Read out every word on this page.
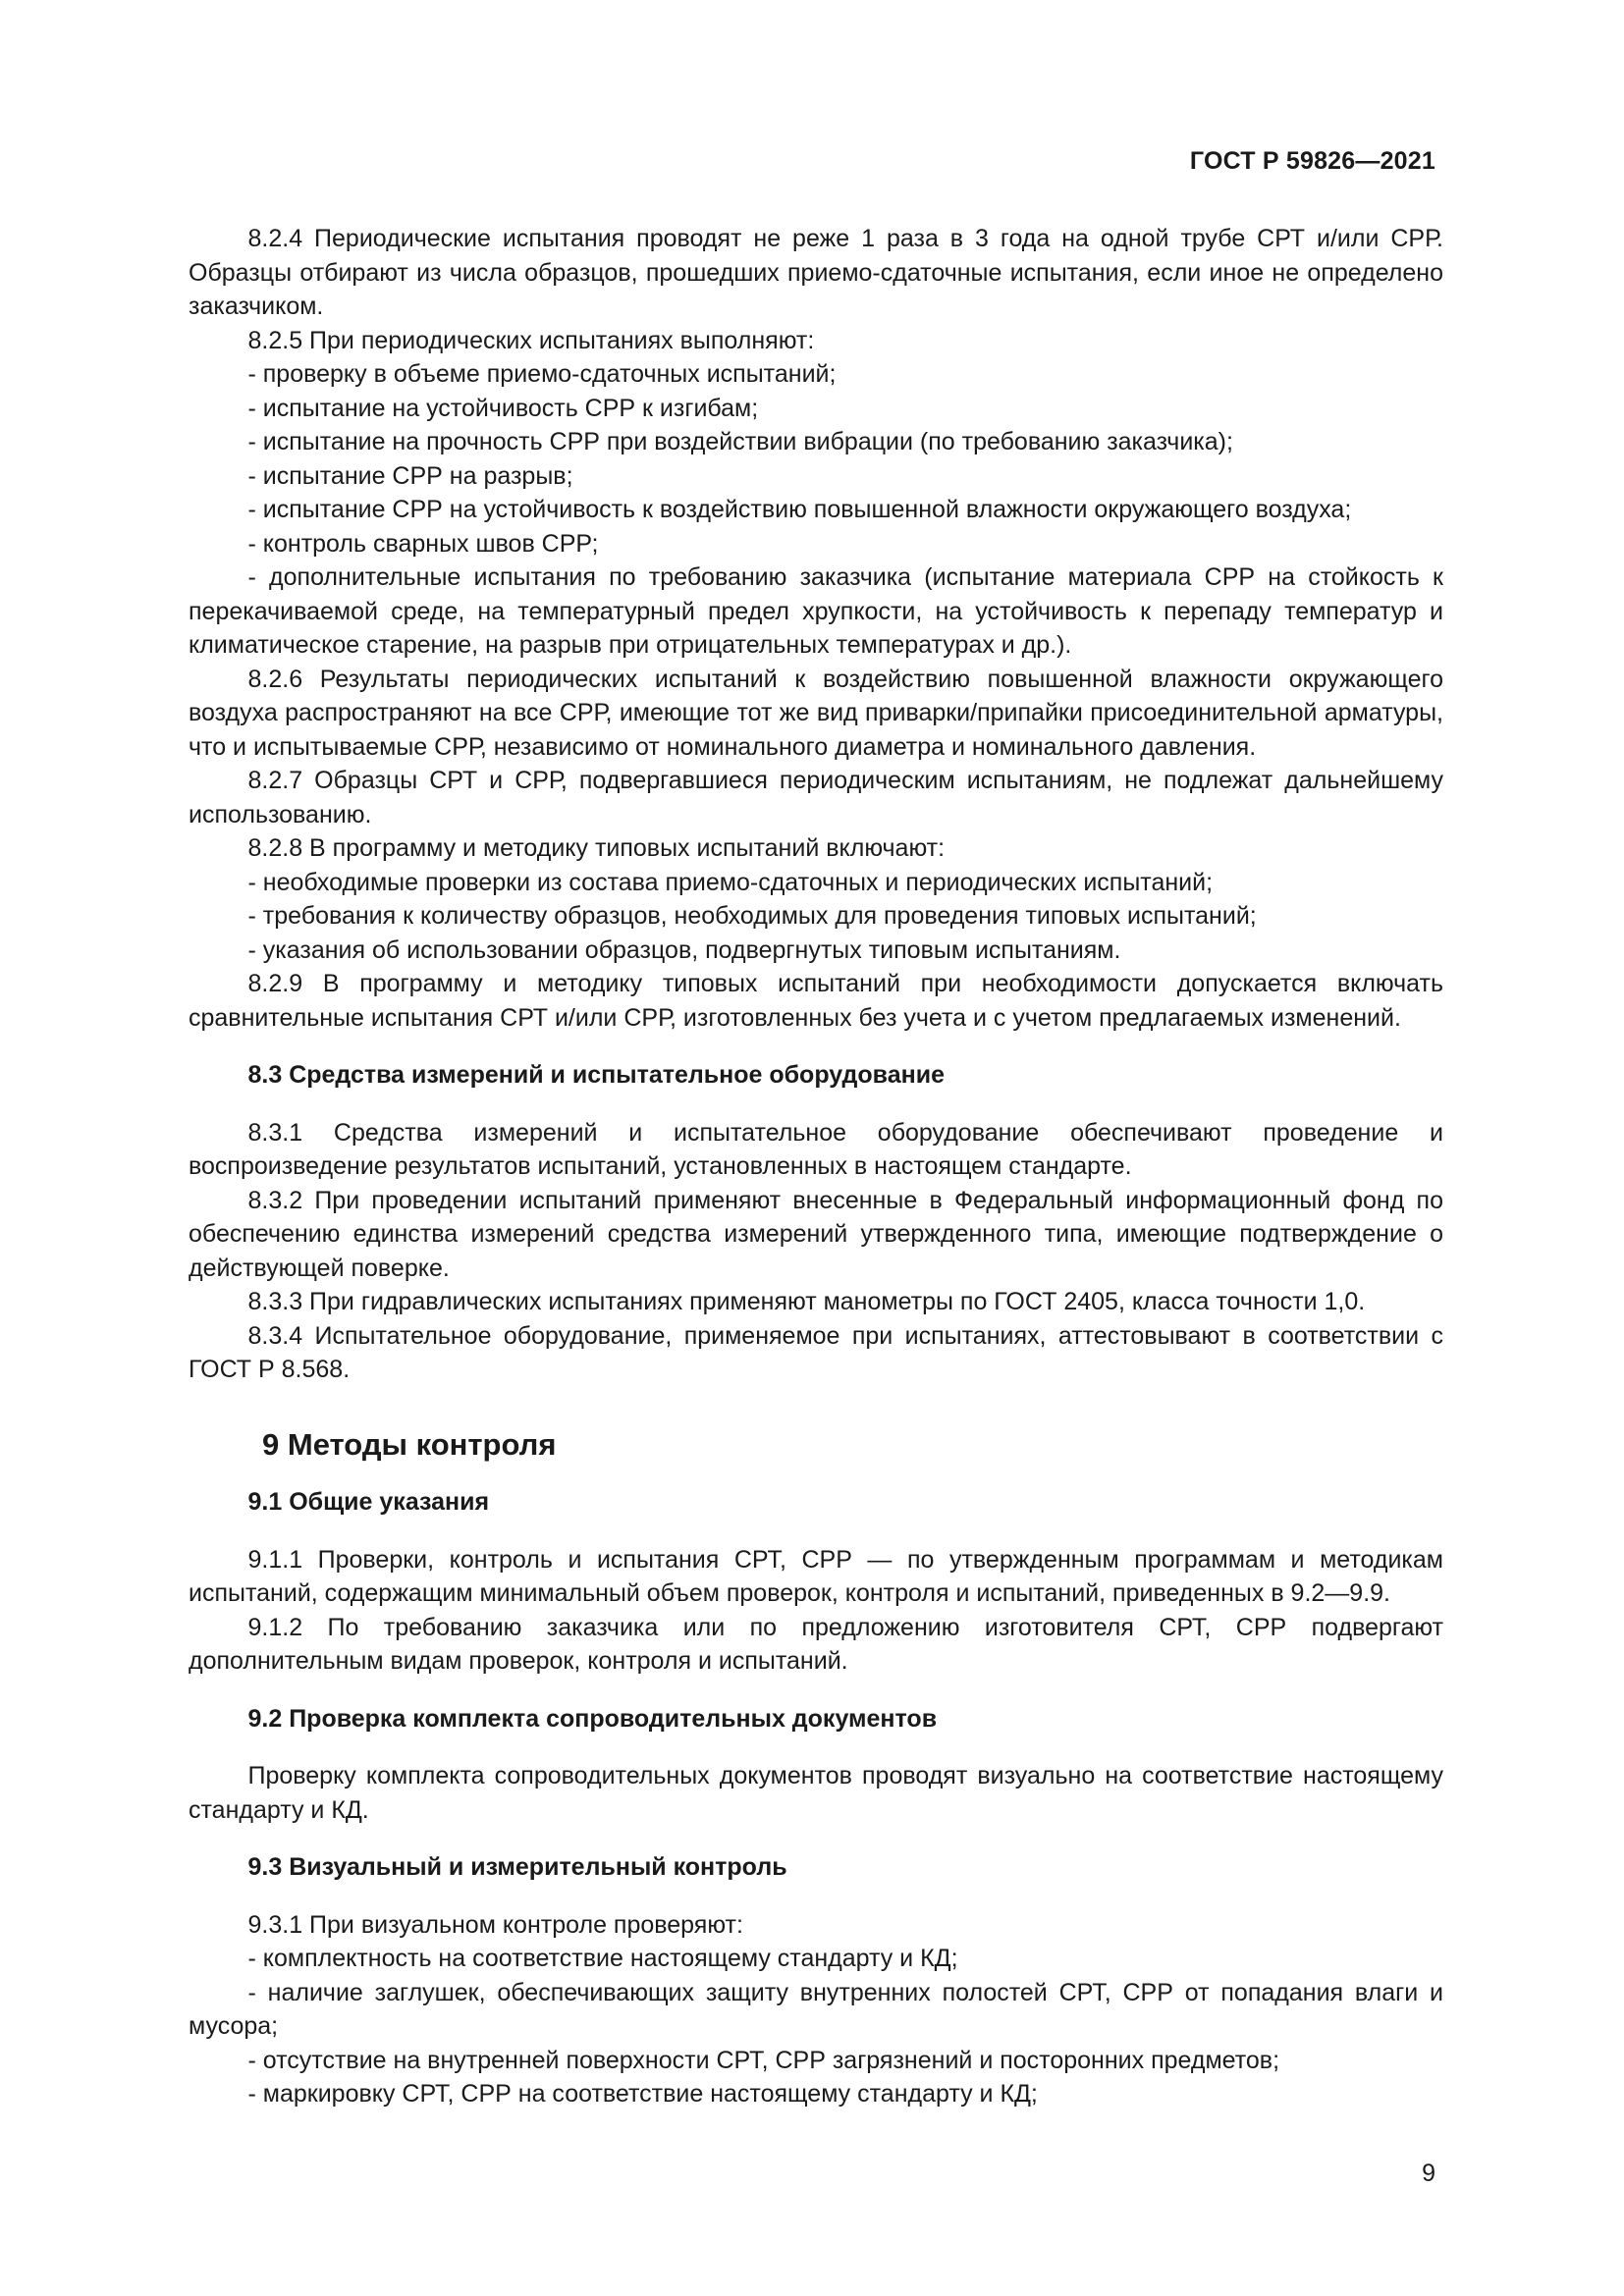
ГОСТ Р 59826—2021

8.2.4 Периодические испытания проводят не реже 1 раза в 3 года на одной трубе СРТ и/или СРР. Образцы отбирают из числа образцов, прошедших приемо-сдаточные испытания, если иное не определено заказчиком.

8.2.5 При периодических испытаниях выполняют:

- проверку в объеме приемо-сдаточных испытаний;

- испытание на устойчивость СРР к изгибам;

- испытание на прочность СРР при воздействии вибрации (по требованию заказчика);

- испытание СРР на разрыв;

- испытание СРР на устойчивость к воздействию повышенной влажности окружающего воздуха;

- контроль сварных швов СРР;

- дополнительные испытания по требованию заказчика (испытание материала СРР на стойкость к перекачиваемой среде, на температурный предел хрупкости, на устойчивость к перепаду температур и климатическое старение, на разрыв при отрицательных температурах и др.).

8.2.6 Результаты периодических испытаний к воздействию повышенной влажности окружающего воздуха распространяют на все СРР, имеющие тот же вид приварки/припайки присоединительной арматуры, что и испытываемые СРР, независимо от номинального диаметра и номинального давления.

8.2.7 Образцы СРТ и СРР, подвергавшиеся периодическим испытаниям, не подлежат дальнейшему использованию.

8.2.8 В программу и методику типовых испытаний включают:

- необходимые проверки из состава приемо-сдаточных и периодических испытаний;

- требования к количеству образцов, необходимых для проведения типовых испытаний;

- указания об использовании образцов, подвергнутых типовым испытаниям.

8.2.9 В программу и методику типовых испытаний при необходимости допускается включать сравнительные испытания СРТ и/или СРР, изготовленных без учета и с учетом предлагаемых изменений.

8.3 Средства измерений и испытательное оборудование

8.3.1 Средства измерений и испытательное оборудование обеспечивают проведение и воспроизведение результатов испытаний, установленных в настоящем стандарте.

8.3.2 При проведении испытаний применяют внесенные в Федеральный информационный фонд по обеспечению единства измерений средства измерений утвержденного типа, имеющие подтверждение о действующей поверке.

8.3.3 При гидравлических испытаниях применяют манометры по ГОСТ 2405, класса точности 1,0.

8.3.4 Испытательное оборудование, применяемое при испытаниях, аттестовывают в соответствии с ГОСТ Р 8.568.

9 Методы контроля

9.1 Общие указания

9.1.1 Проверки, контроль и испытания СРТ, СРР — по утвержденным программам и методикам испытаний, содержащим минимальный объем проверок, контроля и испытаний, приведенных в 9.2—9.9.

9.1.2 По требованию заказчика или по предложению изготовителя СРТ, СРР подвергают дополнительным видам проверок, контроля и испытаний.

9.2 Проверка комплекта сопроводительных документов

Проверку комплекта сопроводительных документов проводят визуально на соответствие настоящему стандарту и КД.

9.3 Визуальный и измерительный контроль

9.3.1 При визуальном контроле проверяют:

- комплектность на соответствие настоящему стандарту и КД;

- наличие заглушек, обеспечивающих защиту внутренних полостей СРТ, СРР от попадания влаги и мусора;

- отсутствие на внутренней поверхности СРТ, СРР загрязнений и посторонних предметов;

- маркировку СРТ, СРР на соответствие настоящему стандарту и КД;

9
